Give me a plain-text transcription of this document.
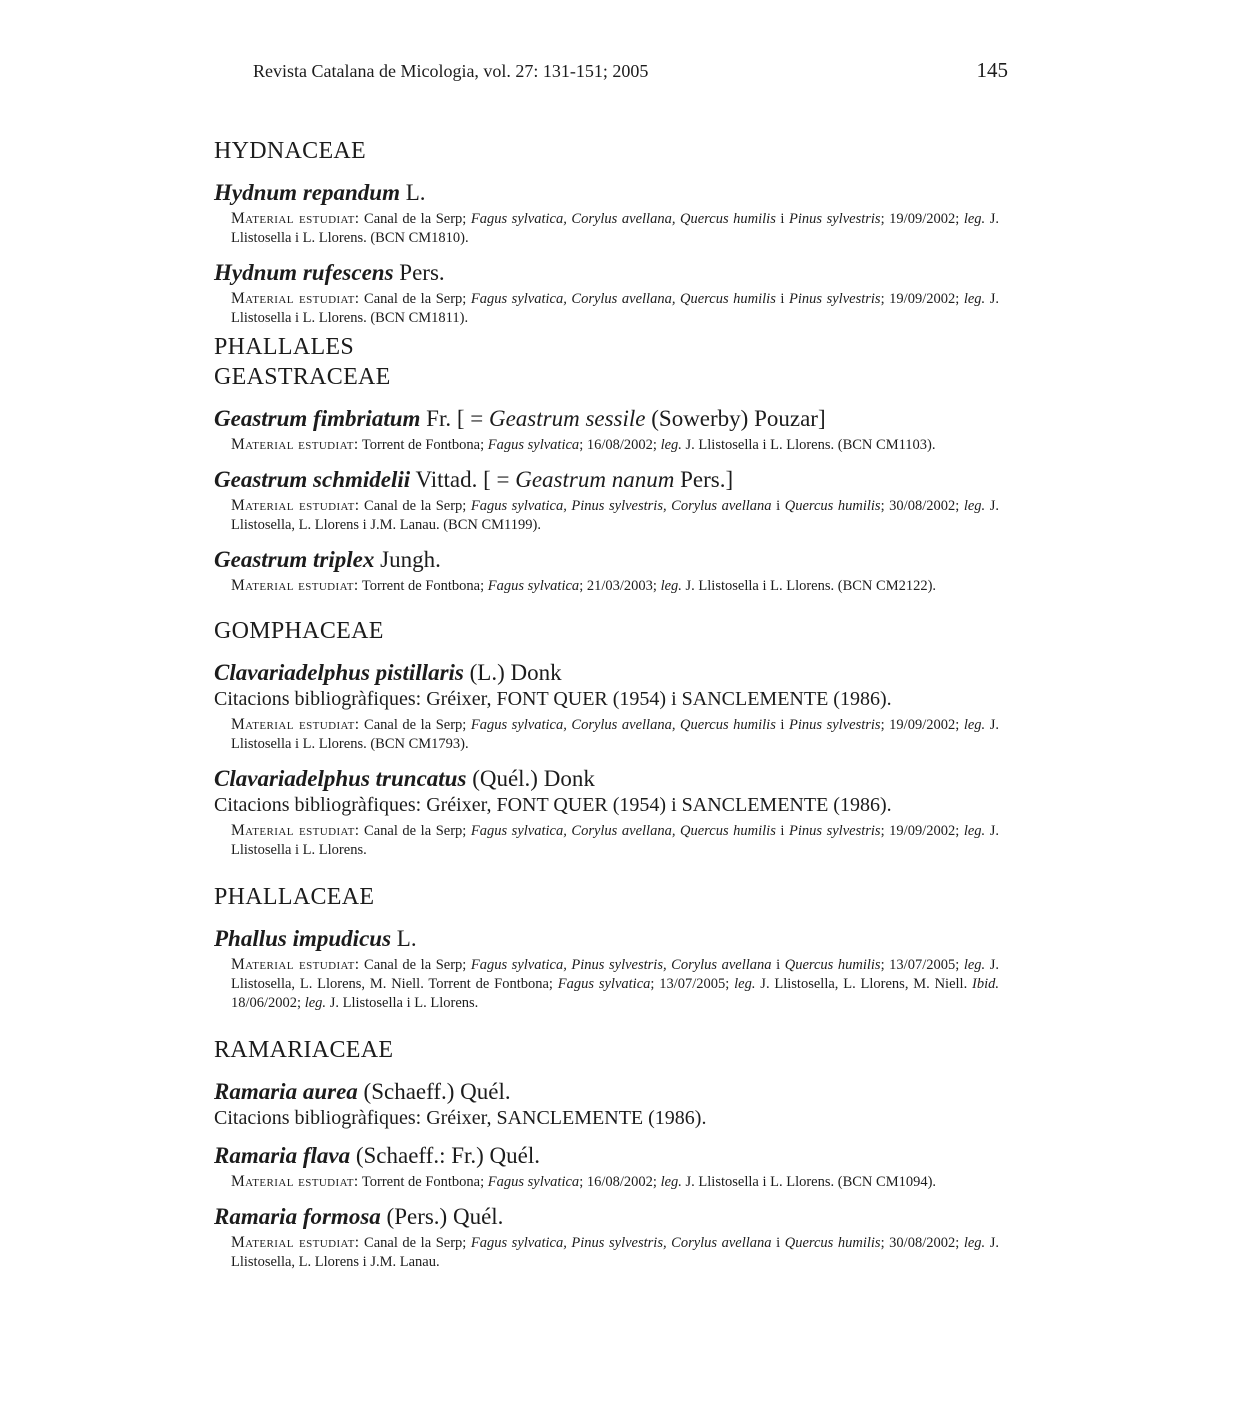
Revista Catalana de Micologia, vol. 27: 131-151; 2005	145
HYDNACEAE
Hydnum repandum L.
Material estudiat: Canal de la Serp; Fagus sylvatica, Corylus avellana, Quercus humilis i Pinus sylvestris; 19/09/2002; leg. J. Llistosella i L. Llorens. (BCN CM1810).
Hydnum rufescens Pers.
Material estudiat: Canal de la Serp; Fagus sylvatica, Corylus avellana, Quercus humilis i Pinus sylvestris; 19/09/2002; leg. J. Llistosella i L. Llorens. (BCN CM1811).
PHALLALES
GEASTRACEAE
Geastrum fimbriatum Fr. [ = Geastrum sessile (Sowerby) Pouzar]
Material estudiat: Torrent de Fontbona; Fagus sylvatica; 16/08/2002; leg. J. Llistosella i L. Llorens. (BCN CM1103).
Geastrum schmidelii Vittad. [ = Geastrum nanum Pers.]
Material estudiat: Canal de la Serp; Fagus sylvatica, Pinus sylvestris, Corylus avellana i Quercus humilis; 30/08/2002; leg. J. Llistosella, L. Llorens i J.M. Lanau. (BCN CM1199).
Geastrum triplex Jungh.
Material estudiat: Torrent de Fontbona; Fagus sylvatica; 21/03/2003; leg. J. Llistosella i L. Llorens. (BCN CM2122).
GOMPHACEAE
Clavariadelphus pistillaris (L.) Donk
Citacions bibliogràfiques: Gréixer, FONT QUER (1954) i SANCLEMENTE (1986).
Material estudiat: Canal de la Serp; Fagus sylvatica, Corylus avellana, Quercus humilis i Pinus sylvestris; 19/09/2002; leg. J. Llistosella i L. Llorens. (BCN CM1793).
Clavariadelphus truncatus (Quél.) Donk
Citacions bibliogràfiques: Gréixer, FONT QUER (1954) i SANCLEMENTE (1986).
Material estudiat: Canal de la Serp; Fagus sylvatica, Corylus avellana, Quercus humilis i Pinus sylvestris; 19/09/2002; leg. J. Llistosella i L. Llorens.
PHALLACEAE
Phallus impudicus L.
Material estudiat: Canal de la Serp; Fagus sylvatica, Pinus sylvestris, Corylus avellana i Quercus humilis; 13/07/2005; leg. J. Llistosella, L. Llorens, M. Niell. Torrent de Fontbona; Fagus sylvatica; 13/07/2005; leg. J. Llistosella, L. Llorens, M. Niell. Ibid. 18/06/2002; leg. J. Llistosella i L. Llorens.
RAMARIACEAE
Ramaria aurea (Schaeff.) Quél.
Citacions bibliogràfiques: Gréixer, SANCLEMENTE (1986).
Ramaria flava (Schaeff.: Fr.) Quél.
Material estudiat: Torrent de Fontbona; Fagus sylvatica; 16/08/2002; leg. J. Llistosella i L. Llorens. (BCN CM1094).
Ramaria formosa (Pers.) Quél.
Material estudiat: Canal de la Serp; Fagus sylvatica, Pinus sylvestris, Corylus avellana i Quercus humilis; 30/08/2002; leg. J. Llistosella, L. Llorens i J.M. Lanau.
